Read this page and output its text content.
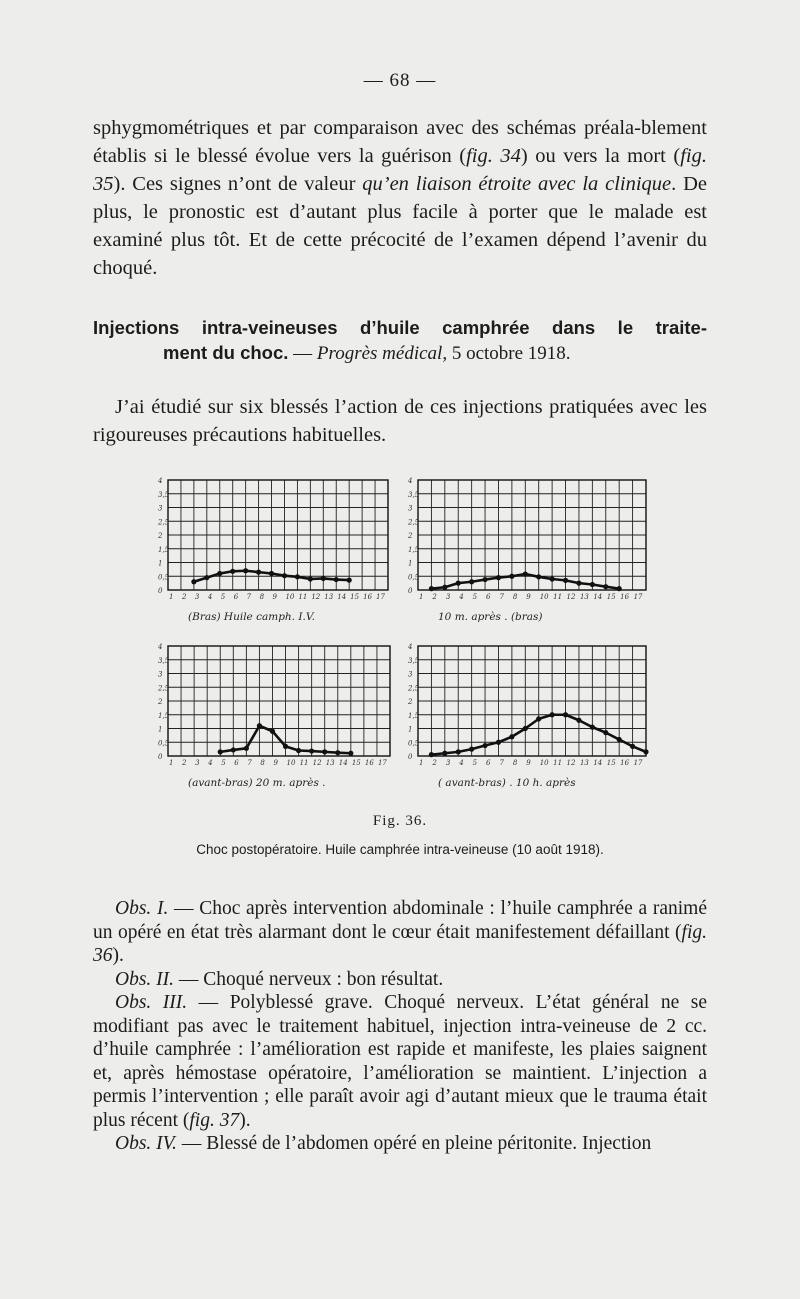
— 68 —

sphygmométriques et par comparaison avec des schémas préala-blement établis si le blessé évolue vers la guérison (fig. 34) ou vers la mort (fig. 35). Ces signes n’ont de valeur qu’en liaison étroite avec la clinique. De plus, le pronostic est d’autant plus facile à porter que le malade est examiné plus tôt. Et de cette précocité de l’examen dépend l’avenir du choqué.

Injections intra-veineuses d’huile camphrée dans le traite-
ment du choc. — Progrès médical, 5 octobre 1918.

J’ai étudié sur six blessés l’action de ces injections pratiquées avec les rigoureuses précautions habituelles.

4
3,5
3
2,5
2
1,5
1
0,5
0
1 2 3 4 5 6 7 8 9 10 11 12 13 14 15 16 17
(Bras) Huile camph. I.V.
4
3,5
3
2,5
2
1,5
1
0,5
0
1 2 3 4 5 6 7 8 9 10 11 12 13 14 15 16 17
10 m. après . (bras)
4
3,5
3
2,5
2
1,5
1
0,5
0
1 2 3 4 5 6 7 8 9 10 11 12 13 14 15 16 17
(avant-bras) 20 m. après .
4
3,5
3
2,5
2
1,5
1
0,5
0
1 2 3 4 5 6 7 8 9 10 11 12 13 14 15 16 17
( avant-bras) . 10 h. après
Fig. 36.
Choc postopératoire. Huile camphrée intra-veineuse (10 août 1918).

Obs. I. — Choc après intervention abdominale : l’huile camphrée a ranimé un opéré en état très alarmant dont le cœur était manifestement défaillant (fig. 36).

Obs. II. — Choqué nerveux : bon résultat.

Obs. III. — Polyblessé grave. Choqué nerveux. L’état général ne se modifiant pas avec le traitement habituel, injection intra-veineuse de 2 cc. d’huile camphrée : l’amélioration est rapide et manifeste, les plaies saignent et, après hémostase opératoire, l’amélioration se maintient. L’injection a permis l’intervention ; elle paraît avoir agi d’autant mieux que le trauma était plus récent (fig. 37).

Obs. IV. — Blessé de l’abdomen opéré en pleine péritonite. Injection
